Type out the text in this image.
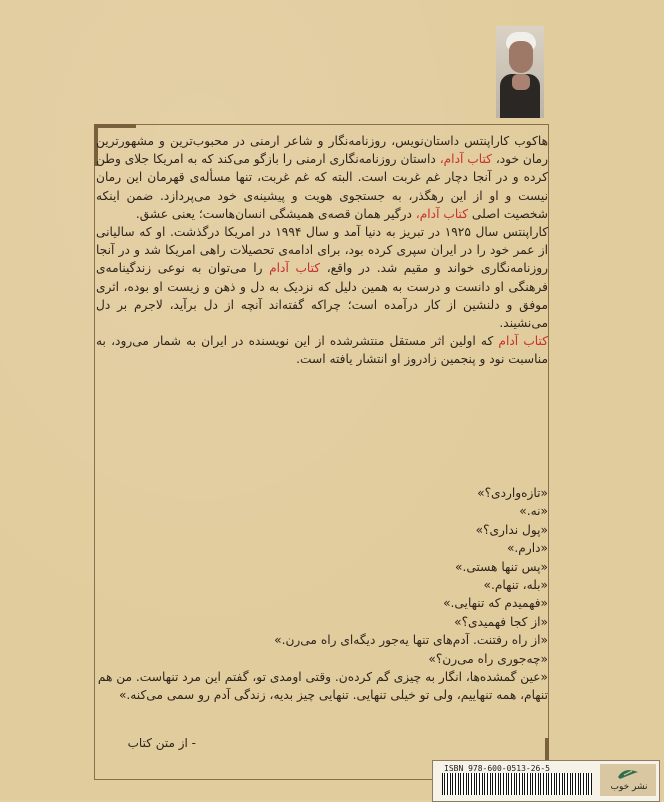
هاکوب کاراپنتس داستان‌نویس، روزنامه‌نگار و شاعر ارمنی در محبوب‌ترین و مشهورترین رمان خود، کتاب آدام، داستان روزنامه‌نگاری ارمنی را بازگو می‌کند که به امریکا جلای وطن کرده و در آنجا دچار غم غربت است. البته که غم غربت، تنها مسأله‌ی قهرمان این رمان نیست و او از این رهگذر، به جستجوی هویت و پیشینه‌ی خود می‌پردازد. ضمن اینکه شخصیت اصلی کتاب آدام، درگیر همان قصه‌ی همیشگی انسان‌هاست؛ یعنی عشق.

کاراپنتس سال ۱۹۲۵ در تبریز به دنیا آمد و سال ۱۹۹۴ در امریکا درگذشت. او که سالیانی از عمر خود را در ایران سپری کرده بود، برای ادامه‌ی تحصیلات راهی امریکا شد و در آنجا روزنامه‌نگاری خواند و مقیم شد. در واقع، کتاب آدام را می‌توان به نوعی زندگینامه‌ی فرهنگی او دانست و درست به همین دلیل که نزدیک به دل و ذهن و زیست او بوده، اثری موفق و دلنشین از کار درآمده است؛ چراکه گفته‌اند آنچه از دل برآید، لاجرم بر دل می‌نشیند.

کتاب آدام که اولین اثر مستقل منتشرشده از این نویسنده در ایران به شمار می‌رود، به مناسبت نود و پنجمین زادروز او انتشار یافته است.

«تازه‌واردی؟»
«نه.»
«پول نداری؟»
«دارم.»
«پس تنها هستی.»
«بله، تنهام.»
«فهمیدم که تنهایی.»
«از کجا فهمیدی؟»
«از راه رفتنت. آدم‌های تنها یه‌جور دیگه‌ای راه می‌رن.»
«چه‌جوری راه می‌رن؟»
«عین گمشده‌ها، انگار به چیزی گم کرده‌ن. وقتی اومدی تو، گفتم این مرد تنهاست. من هم تنهام، همه تنهاییم، ولی تو خیلی تنهایی. تنهایی چیز بدیه، زندگی آدم رو سمی می‌کنه.»
- از متن کتاب
ISBN 978-600-0513-26-5
نشر خوب
